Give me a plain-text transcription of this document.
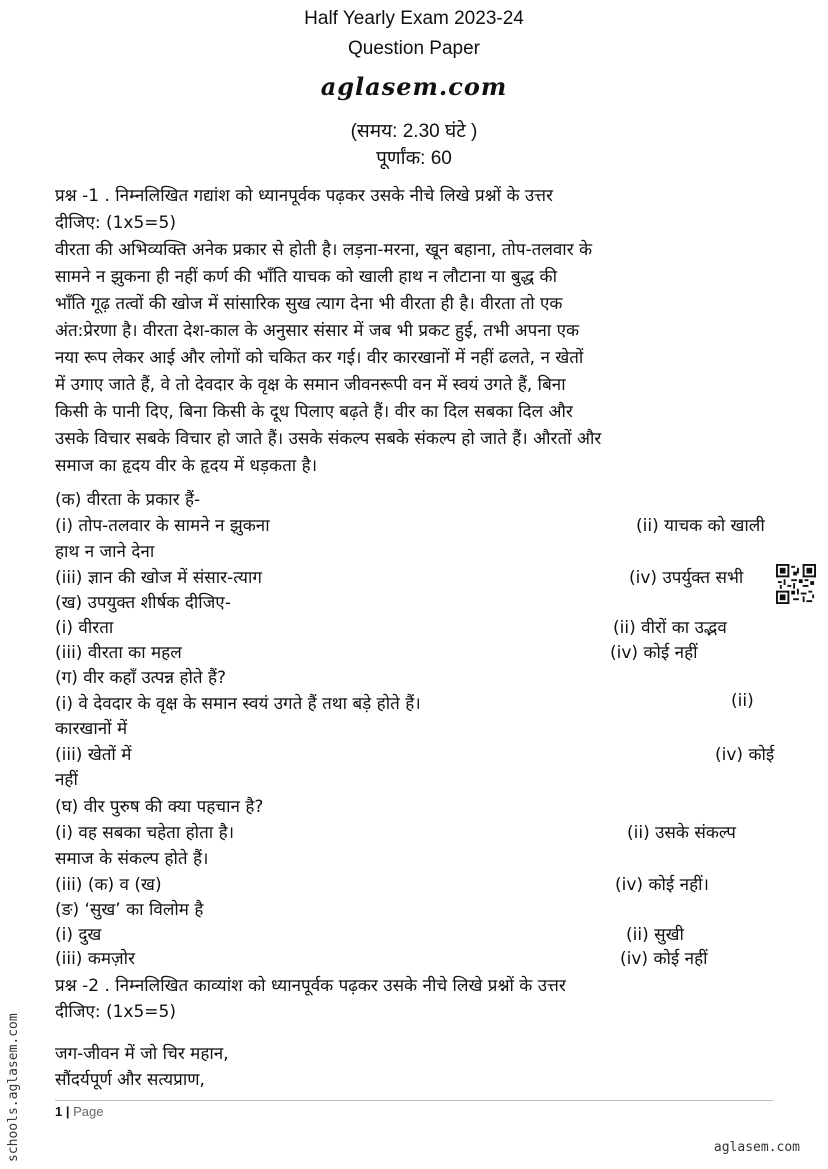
Half Yearly Exam 2023-24
Question Paper
aglasem.com
(समय: 2.30 घंटे )
पूर्णांक: 60
प्रश्न -1 . निम्नलिखित गद्यांश को ध्यानपूर्वक पढ़कर उसके नीचे लिखे प्रश्नों के उत्तर
दीजिए: (1x5=5)
वीरता की अभिव्यक्ति अनेक प्रकार से होती है। लड़ना-मरना, खून बहाना, तोप-तलवार के
सामने न झुकना ही नहीं कर्ण की भाँति याचक को खाली हाथ न लौटाना या बुद्ध की
भाँति गूढ़ तत्वों की खोज में सांसारिक सुख त्याग देना भी वीरता ही है। वीरता तो एक
अंत:प्रेरणा है। वीरता देश-काल के अनुसार संसार में जब भी प्रकट हुई, तभी अपना एक
नया रूप लेकर आई और लोगों को चकित कर गई। वीर कारखानों में नहीं ढलते, न खेतों
में उगाए जाते हैं, वे तो देवदार के वृक्ष के समान जीवनरूपी वन में स्वयं उगते हैं, बिना
किसी के पानी दिए, बिना किसी के दूध पिलाए बढ़ते हैं। वीर का दिल सबका दिल और
उसके विचार सबके विचार हो जाते हैं। उसके संकल्प सबके संकल्प हो जाते हैं। औरतों और
समाज का हृदय वीर के हृदय में धड़कता है।
(क) वीरता के प्रकार हैं-
(i) तोप-तलवार के सामने न झुकना	(ii) याचक को खाली
हाथ न जाने देना
(iii) ज्ञान की खोज में संसार-त्याग	(iv) उपर्युक्त सभी
(ख) उपयुक्त शीर्षक दीजिए-
(i) वीरता	(ii) वीरों का उद्भव
(iii) वीरता का महल	(iv) कोई नहीं
(ग) वीर कहाँ उत्पन्न होते हैं?
(i) वे देवदार के वृक्ष के समान स्वयं उगते हैं तथा बड़े होते हैं।	(ii)
कारखानों में
(iii) खेतों में	(iv) कोई
नहीं
(घ) वीर पुरुष की क्या पहचान है?
(i) वह सबका चहेता होता है।	(ii) उसके संकल्प
समाज के संकल्प होते हैं।
(iii) (क) व (ख)	(iv) कोई नहीं।
(ङ) ‘सुख’ का विलोम है
(i) दुख	(ii) सुखी
(iii) कमज़ोर	(iv) कोई नहीं
प्रश्न -2 . निम्नलिखित काव्यांश को ध्यानपूर्वक पढ़कर उसके नीचे लिखे प्रश्नों के उत्तर
दीजिए: (1x5=5)
जग-जीवन में जो चिर महान,
सौंदर्यपूर्ण और सत्यप्राण,
schools.aglasem.com	1 | Page
aglasem.com
